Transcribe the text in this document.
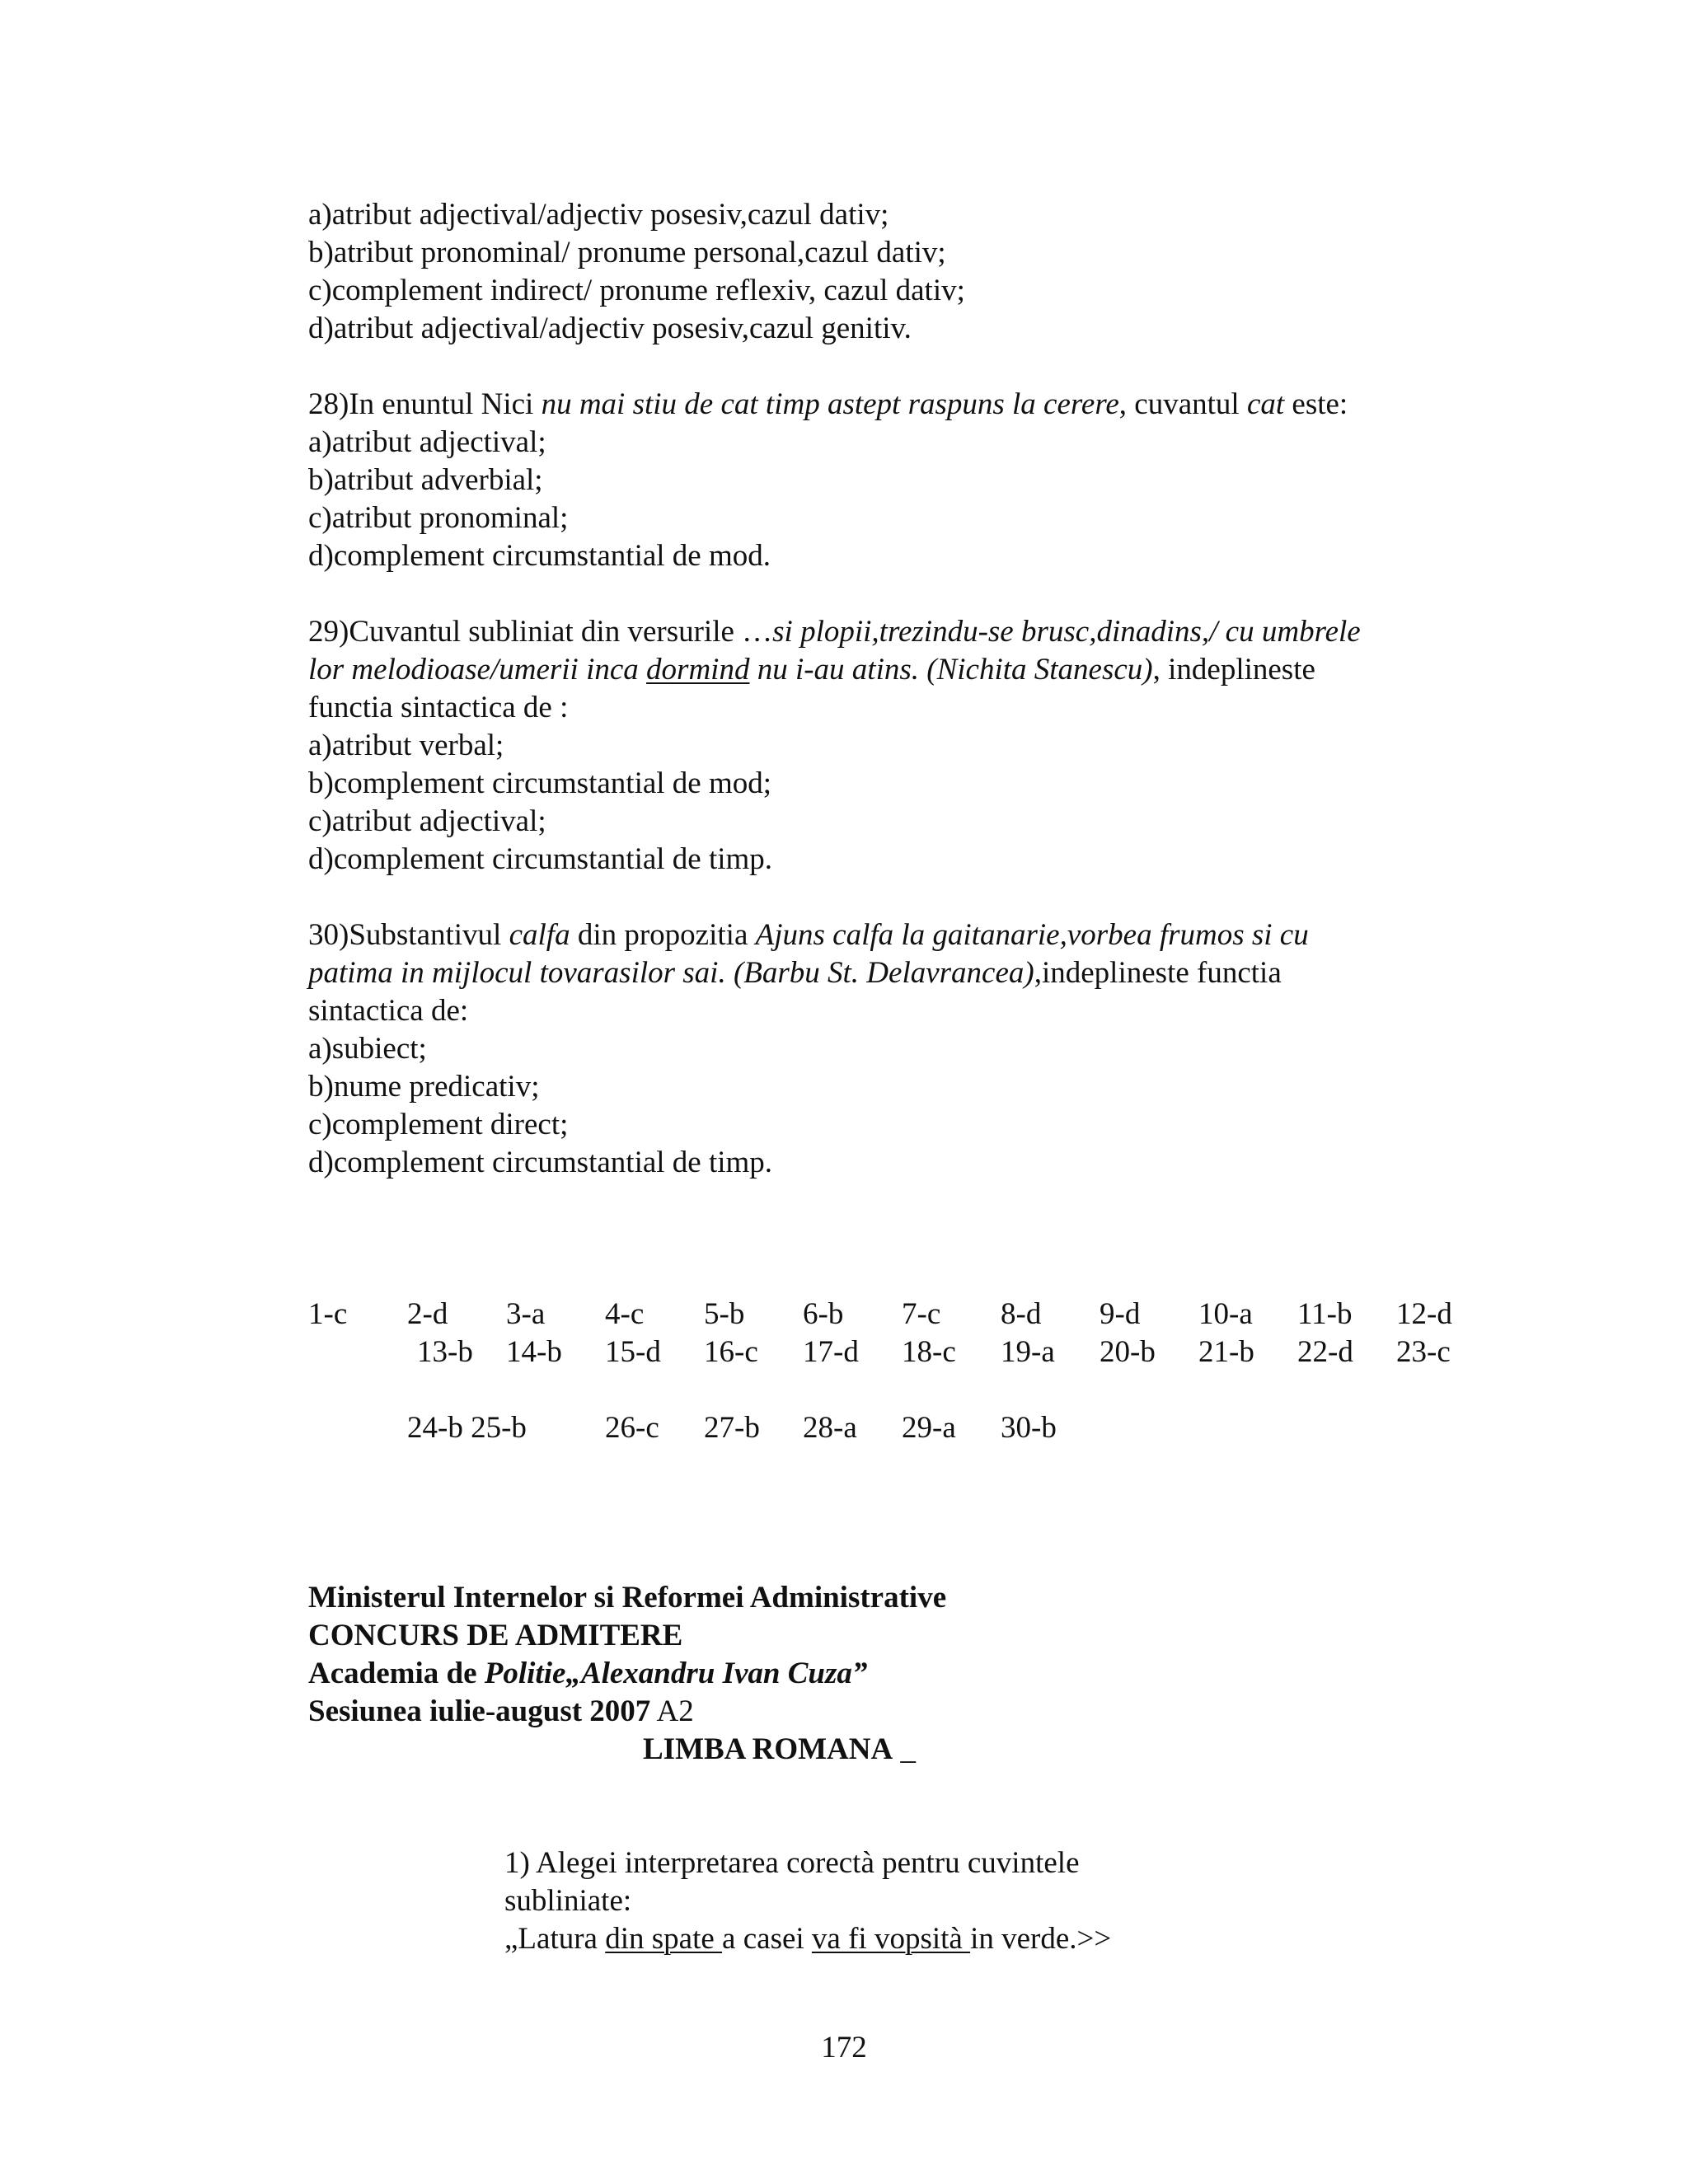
a)atribut adjectival/adjectiv posesiv,cazul dativ;
b)atribut pronominal/ pronume personal,cazul dativ;
c)complement indirect/ pronume reflexiv, cazul dativ;
d)atribut adjectival/adjectiv posesiv,cazul genitiv.
28)In enuntul Nici nu mai stiu de cat timp astept raspuns la cerere, cuvantul cat este:
a)atribut adjectival;
b)atribut adverbial;
c)atribut pronominal;
d)complement circumstantial de mod.
29)Cuvantul subliniat din versurile …si plopii,trezindu-se brusc,dinadins,/ cu umbrele
lor melodioase/umerii inca dormind nu i-au atins. (Nichita Stanescu), indeplineste
functia sintactica de :
a)atribut verbal;
b)complement circumstantial de mod;
c)atribut adjectival;
d)complement circumstantial de timp.
30)Substantivul calfa din propozitia Ajuns calfa la gaitanarie,vorbea frumos si cu
patima in mijlocul tovarasilor sai. (Barbu St. Delavrancea),indeplineste functia
sintactica de:
a)subiect;
b)nume predicativ;
c)complement direct;
d)complement circumstantial de timp.
1-c 2-d 3-a 4-c 5-b 6-b 7-c 8-d 9-d 10-a 11-b 12-d
13-b 14-b 15-d 16-c 17-d 18-c 19-a 20-b 21-b 22-d 23-c
24-b 25-b	26-c 27-b 28-a 29-a 30-b
Ministerul Internelor si Reformei Administrative
CONCURS DE ADMITERE
Academia de Politie„Alexandru Ivan Cuza”
Sesiunea iulie-august 2007 A2
LIMBA ROMANA _
1) Alegei interpretarea corectà pentru cuvintele
subliniate:
„Latura din spate a casei va fi vopsità in verde.>>
172
